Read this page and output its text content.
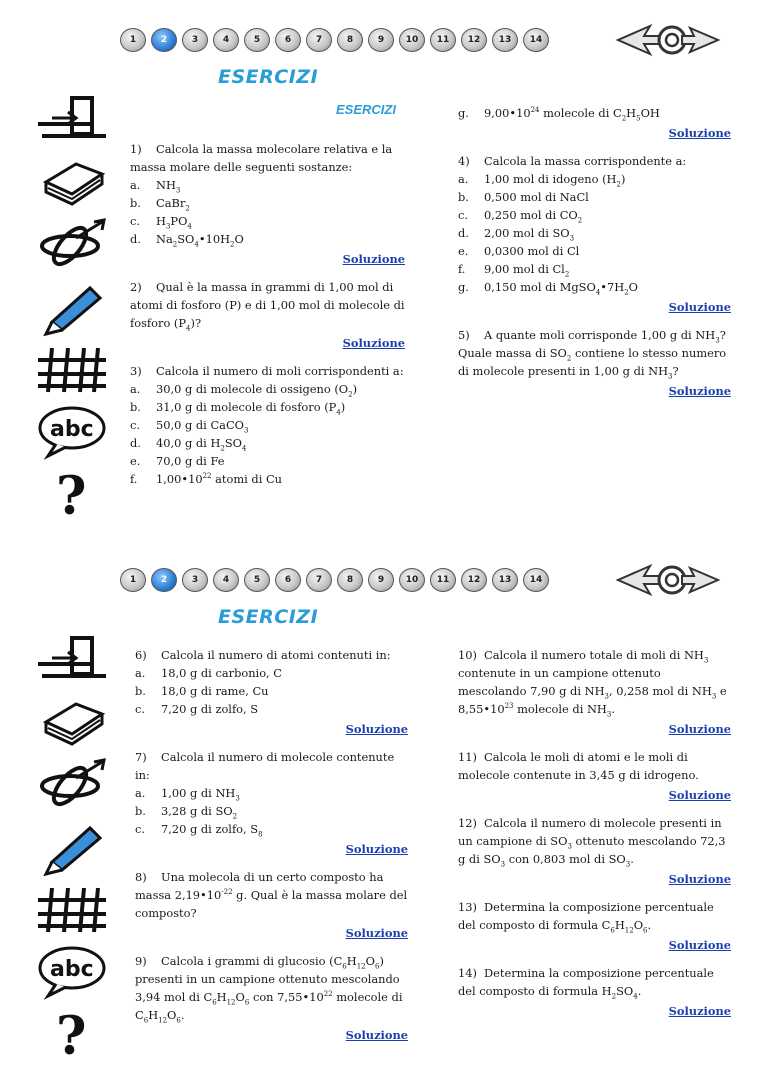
1	2	3	4	5	6	7	8	9	10	11	12	13	14
ESERCIZI
ESERCIZI
abc
?
1) Calcola la massa molecolare relativa e la massa molare delle seguenti sostanze:
a.	$NH_3$
b.	CaBr$_2$
c.	$H_3PO_4$
d.	$Na_2SO_4•10H_2O$
Soluzione
2) Qual è la massa in grammi di 1,00 mol di atomi di fosforo (P) e di 1,00 mol di molecole di fosforo $(P_4)$?
Soluzione
3) Calcola il numero di moli corrispondenti a:
a.	30,0 g di molecole di ossigeno $(O_2)$
b.	31,0 g di molecole di fosforo $(P_4)$
c.	50,0 g di CaCO$_3$
d.	40,0 g di $H_2SO_4$
e.	70,0 g di Fe
f.	$1,00•10^{22}$ atomi di Cu
g.	$9,00•10^{24}$ molecole di $C_2H_5OH$
Soluzione
4) Calcola la massa corrispondente a:
a.	1,00 mol di idogeno $(H_2)$
b.	0,500 mol di NaCl
c.	0,250 mol di $CO_2$
d.	2,00 mol di $SO_3$
e.	0,0300 mol di Cl
f.	9,00 mol di $Cl_2$
g.	0,150 mol di $MgSO_4•7H_2O$
Soluzione
5) A quante moli corrisponde 1,00 g di $NH_3$? Quale massa di $SO_2$ contiene lo stesso numero di molecole presenti in 1,00 g di $NH_3$?
Soluzione
1	2	3	4	5	6	7	8	9	10	11	12	13	14
ESERCIZI
abc
?
6) Calcola il numero di atomi contenuti in:
a.	18,0 g di carbonio, C
b.	18,0 g di rame, Cu
c.	7,20 g di zolfo, S
Soluzione
7) Calcola il numero di molecole contenute in:
a.	1,00 g di $NH_3$
b.	3,28 g di $SO_2$
c.	7,20 g di zolfo, $S_8$
Soluzione
8) Una molecola di un certo composto ha massa $2,19•10^{-22}$ g. Qual è la massa molare del composto?
Soluzione
9) Calcola i grammi di glucosio $(C_6H_{12}O_6)$ presenti in un campione ottenuto mescolando 3,94 mol di $C_6H_{12}O_6$ con $7,55•10^{22}$ molecole di $C_6H_{12}O_6$.
Soluzione
10) Calcola il numero totale di moli di $NH_3$ contenute in un campione ottenuto mescolando 7,90 g di $NH_3$, 0,258 mol di $NH_3$ e $8,55•10^{23}$ molecole di $NH_3$.
Soluzione
11) Calcola le moli di atomi e le moli di molecole contenute in 3,45 g di idrogeno.
Soluzione
12) Calcola il numero di molecole presenti in un campione di $SO_3$ ottenuto mescolando 72,3 g di $SO_3$ con 0,803 mol di $SO_3$.
Soluzione
13) Determina la composizione percentuale del composto di formula $C_6H_{12}O_6$.
Soluzione
14) Determina la composizione percentuale del composto di formula $H_2SO_4$.
Soluzione
